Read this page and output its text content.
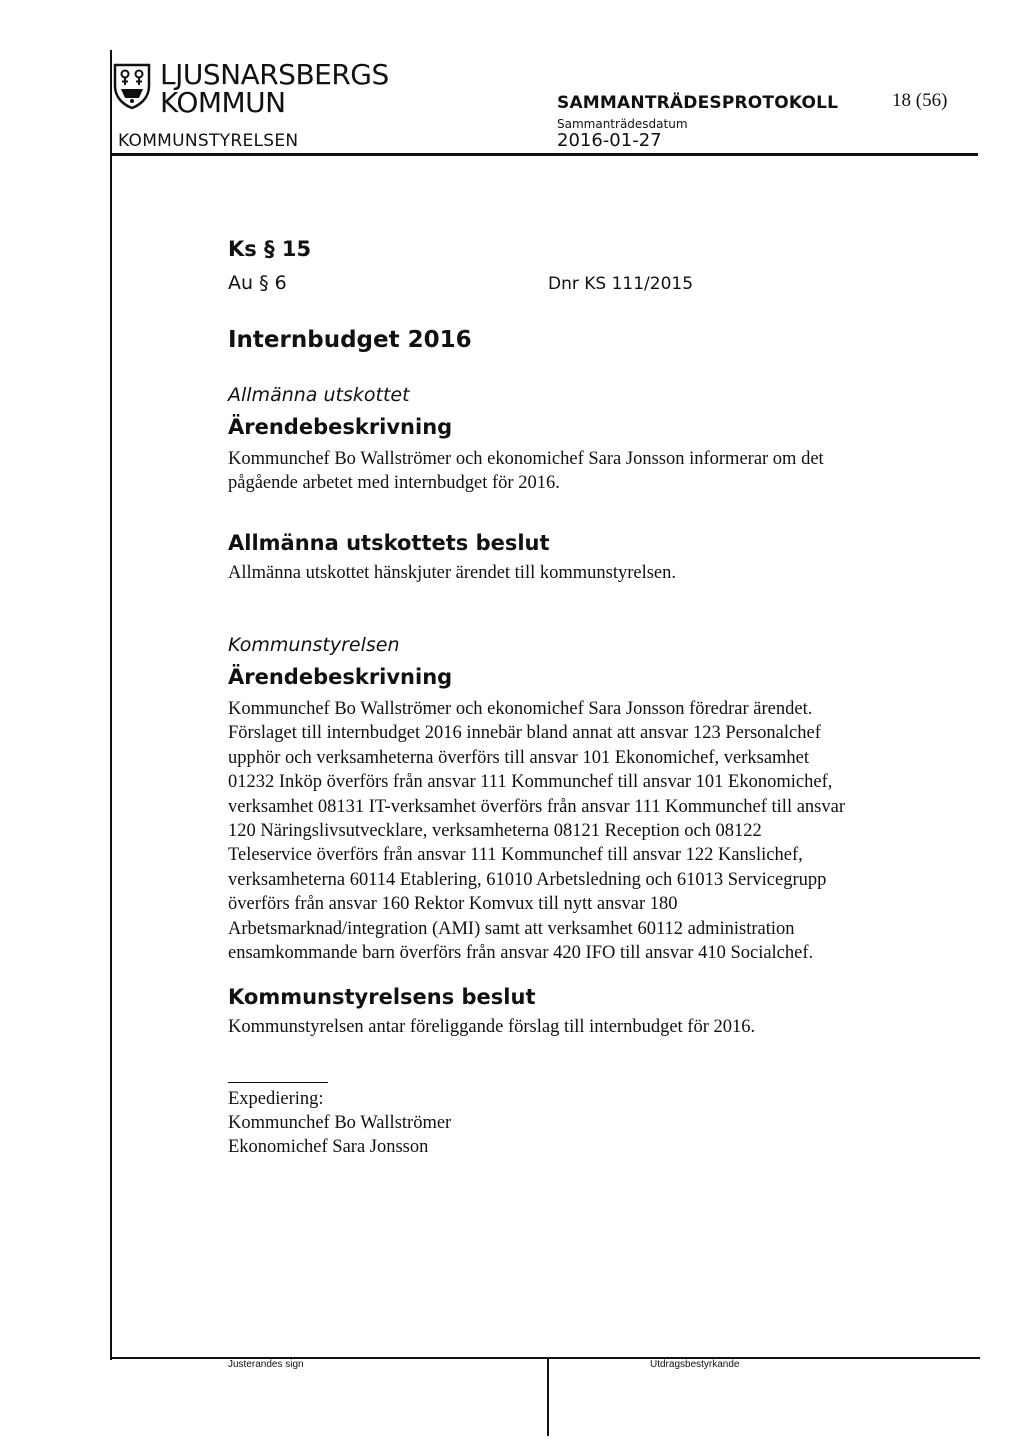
LJUSNARSBERGS
KOMMUN
KOMMUNSTYRELSEN
SAMMANTRÄDESPROTOKOLL	18 (56)
Sammanträdesdatum
2016-01-27
Ks § 15
Au § 6	Dnr KS 111/2015
Internbudget 2016
Allmänna utskottet
Ärendebeskrivning
Kommunchef Bo Wallströmer och ekonomichef Sara Jonsson informerar om det
pågående arbetet med internbudget för 2016.
Allmänna utskottets beslut
Allmänna utskottet hänskjuter ärendet till kommunstyrelsen.
Kommunstyrelsen
Ärendebeskrivning
Kommunchef Bo Wallströmer och ekonomichef Sara Jonsson föredrar ärendet.
Förslaget till internbudget 2016 innebär bland annat att ansvar 123 Personalchef
upphör och verksamheterna överförs till ansvar 101 Ekonomichef, verksamhet
01232 Inköp överförs från ansvar 111 Kommunchef till ansvar 101 Ekonomichef,
verksamhet 08131 IT-verksamhet överförs från ansvar 111 Kommunchef till ansvar
120 Näringslivsutvecklare, verksamheterna 08121 Reception och 08122
Teleservice överförs från ansvar 111 Kommunchef till ansvar 122 Kanslichef,
verksamheterna 60114 Etablering, 61010 Arbetsledning och 61013 Servicegrupp
överförs från ansvar 160 Rektor Komvux till nytt ansvar 180
Arbetsmarknad/integration (AMI) samt att verksamhet 60112 administration
ensamkommande barn överförs från ansvar 420 IFO till ansvar 410 Socialchef.
Kommunstyrelsens beslut
Kommunstyrelsen antar föreliggande förslag till internbudget för 2016.
Expediering:
Kommunchef Bo Wallströmer
Ekonomichef Sara Jonsson
Justerandes sign	Utdragsbestyrkande
